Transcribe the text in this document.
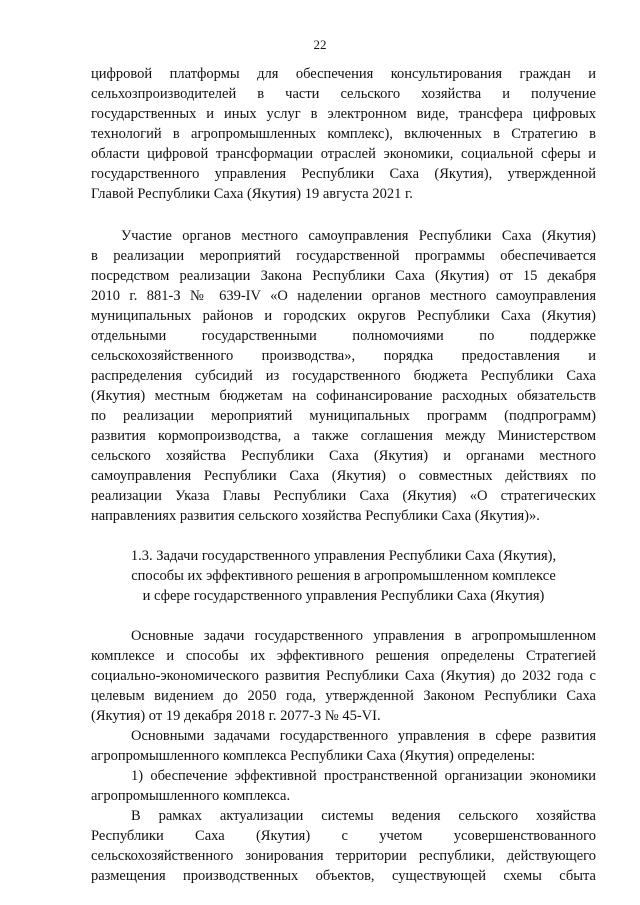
22
цифровой платформы для обеспечения консультирования граждан и
сельхозпроизводителей в части сельского хозяйства и получение
государственных и иных услуг в электронном виде, трансфера цифровых
технологий в агропромышленных комплекс), включенных в Стратегию в
области цифровой трансформации отраслей экономики, социальной сферы и
государственного управления Республики Саха (Якутия), утвержденной
Главой Республики Саха (Якутия) 19 августа 2021 г.
Участие органов местного самоуправления Республики Саха (Якутия)
в реализации мероприятий государственной программы обеспечивается
посредством реализации Закона Республики Саха (Якутия) от 15 декабря
2010 г. 881-З № 639-IV «О наделении органов местного самоуправления
муниципальных районов и городских округов Республики Саха (Якутия)
отдельными государственными полномочиями по поддержке
сельскохозяйственного производства», порядка предоставления и
распределения субсидий из государственного бюджета Республики Саха
(Якутия) местным бюджетам на софинансирование расходных обязательств
по реализации мероприятий муниципальных программ (подпрограмм)
развития кормопроизводства, а также соглашения между Министерством
сельского хозяйства Республики Саха (Якутия) и органами местного
самоуправления Республики Саха (Якутия) о совместных действиях по
реализации Указа Главы Республики Саха (Якутия) «О стратегических
направлениях развития сельского хозяйства Республики Саха (Якутия)».
1.3. Задачи государственного управления Республики Саха (Якутия),
способы их эффективного решения в агропромышленном комплексе
и сфере государственного управления Республики Саха (Якутия)
Основные задачи государственного управления в агропромышленном
комплексе и способы их эффективного решения определены Стратегией
социально-экономического развития Республики Саха (Якутия) до 2032 года с
целевым видением до 2050 года, утвержденной Законом Республики Саха
(Якутия) от 19 декабря 2018 г. 2077-З № 45-VI.
Основными задачами государственного управления в сфере развития
агропромышленного комплекса Республики Саха (Якутия) определены:
1) обеспечение эффективной пространственной организации экономики
агропромышленного комплекса.
В рамках актуализации системы ведения сельского хозяйства
Республики Саха (Якутия) с учетом усовершенствованного
сельскохозяйственного зонирования территории республики, действующего
размещения производственных объектов, существующей схемы сбыта
